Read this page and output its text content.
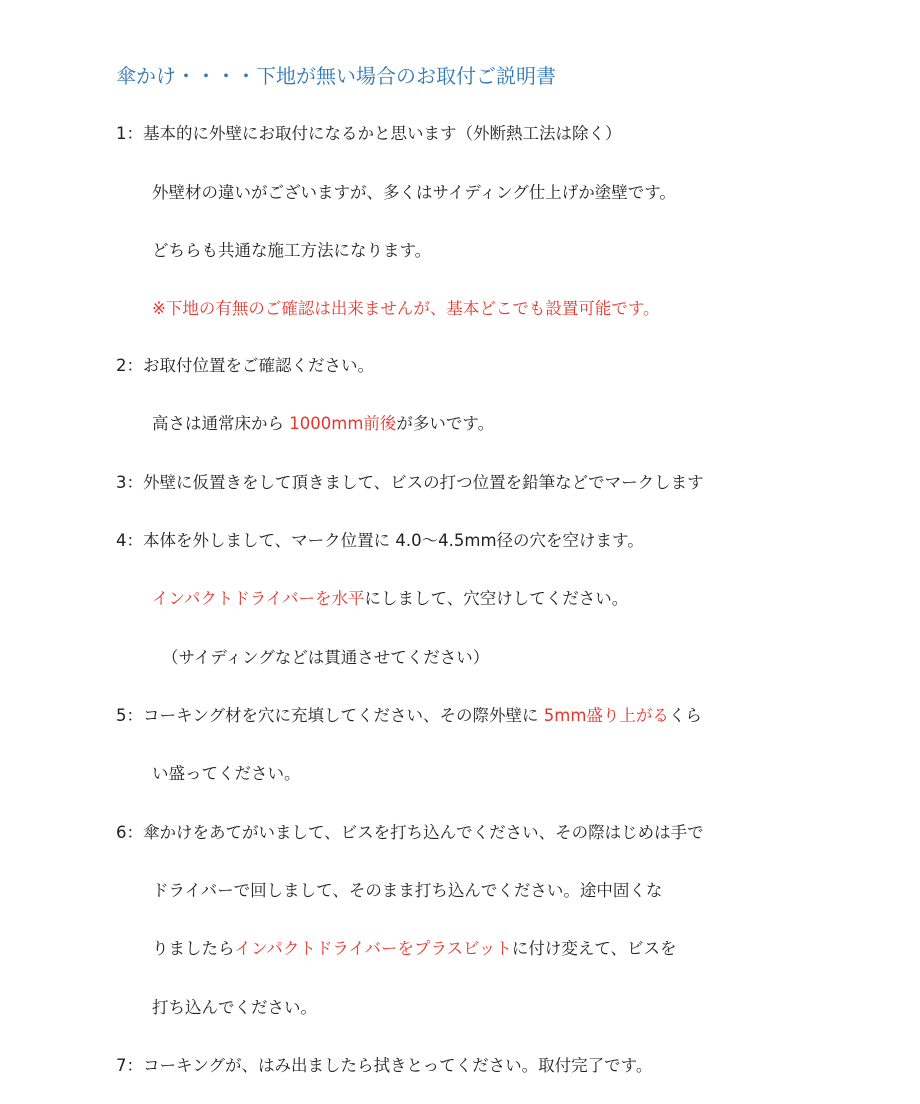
傘かけ・・・・下地が無い場合のお取付ご説明書
1：基本的に外壁にお取付になるかと思います（外断熱工法は除く）
外壁材の違いがございますが、多くはサイディング仕上げか塗壁です。
どちらも共通な施工方法になります。
※下地の有無のご確認は出来ませんが、基本どこでも設置可能です。
2：お取付位置をご確認ください。
高さは通常床から 1000mm前後が多いです。
3：外壁に仮置きをして頂きまして、ビスの打つ位置を鉛筆などでマークします
4：本体を外しまして、マーク位置に 4.0～4.5mm径の穴を空けます。
インパクトドライバーを水平にしまして、穴空けしてください。
（サイディングなどは貫通させてください）
5：コーキング材を穴に充填してください、その際外壁に 5mm盛り上がるくら
い盛ってください。
6：傘かけをあてがいまして、ビスを打ち込んでください、その際はじめは手で
ドライバーで回しまして、そのまま打ち込んでください。途中固くな
りましたらインパクトドライバーをプラスビットに付け変えて、ビスを
打ち込んでください。
7：コーキングが、はみ出ましたら拭きとってください。取付完了です。
